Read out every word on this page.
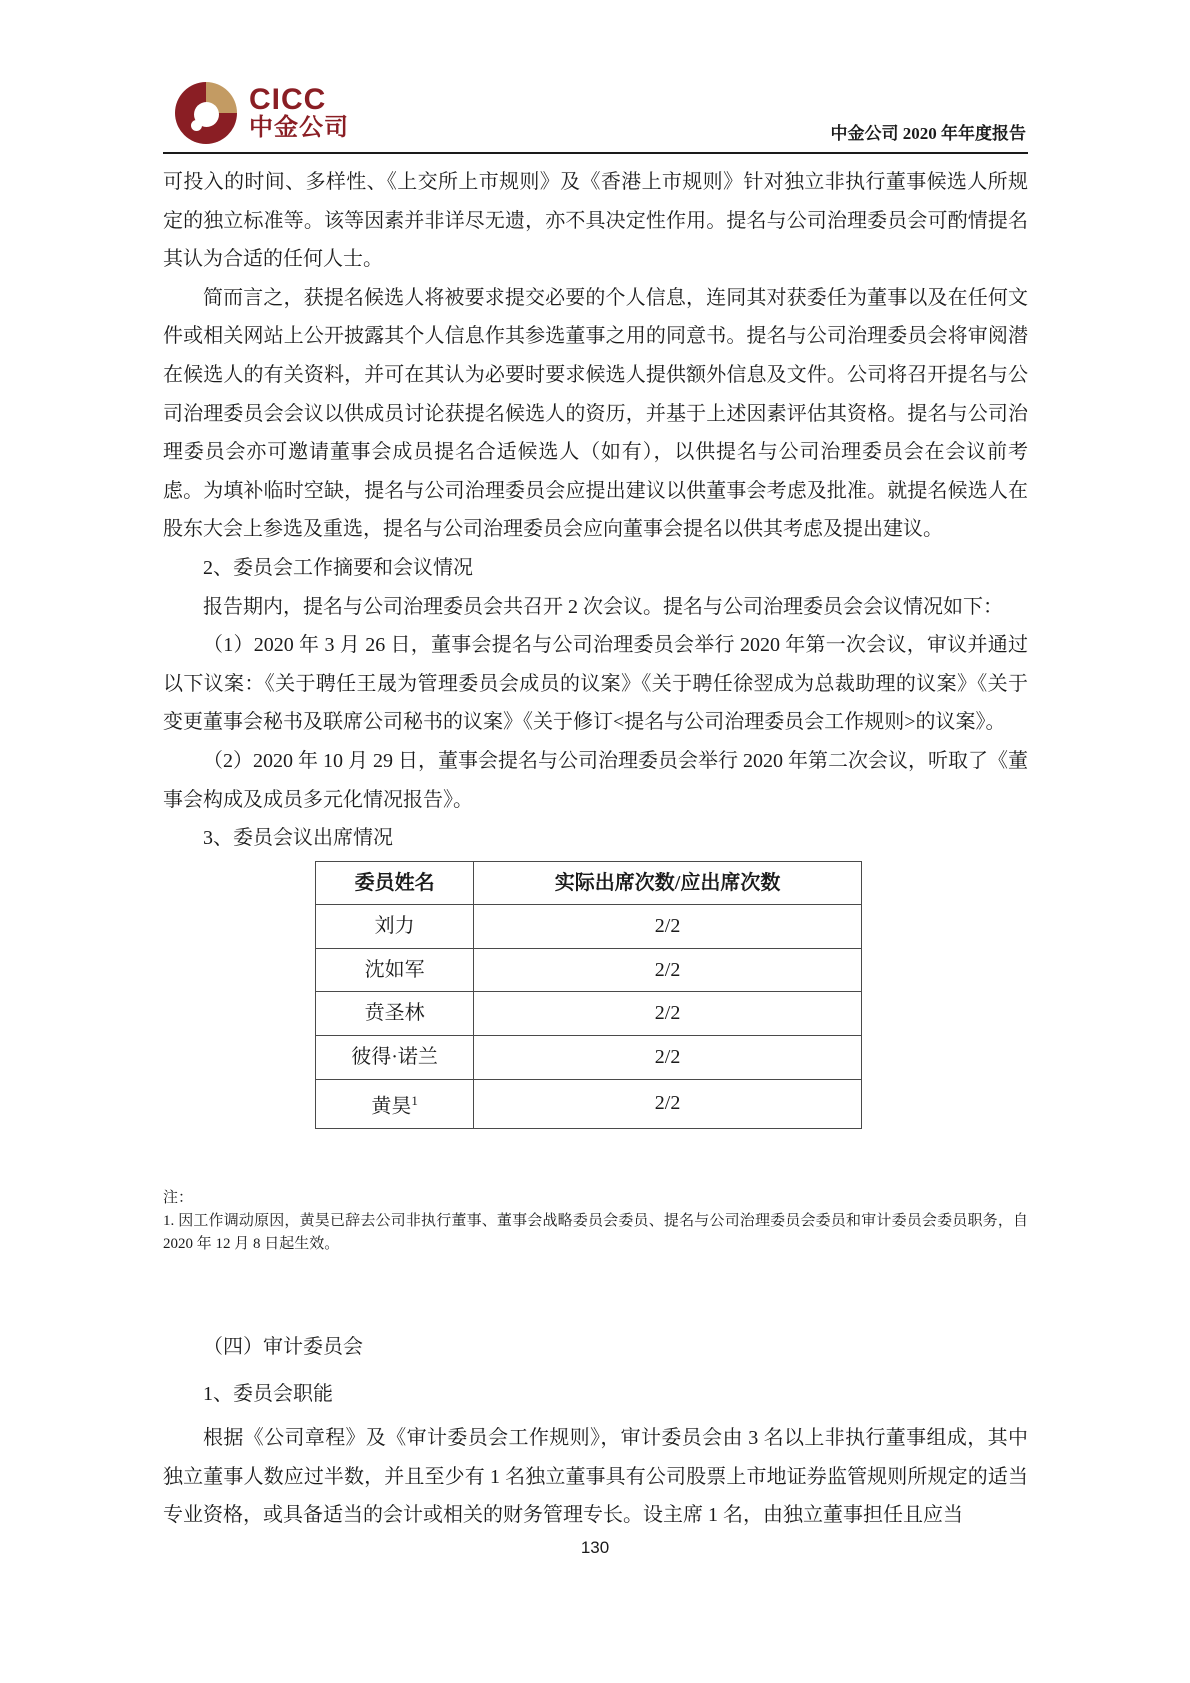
CICC
中金公司	中金公司 2020 年年度报告

可投入的时间、多样性、《上交所上市规则》及《香港上市规则》针对独立非执行董事候选人所规定的独立标准等。该等因素并非详尽无遗，亦不具决定性作用。提名与公司治理委员会可酌情提名其认为合适的任何人士。

简而言之，获提名候选人将被要求提交必要的个人信息，连同其对获委任为董事以及在任何文件或相关网站上公开披露其个人信息作其参选董事之用的同意书。提名与公司治理委员会将审阅潜在候选人的有关资料，并可在其认为必要时要求候选人提供额外信息及文件。公司将召开提名与公司治理委员会会议以供成员讨论获提名候选人的资历，并基于上述因素评估其资格。提名与公司治理委员会亦可邀请董事会成员提名合适候选人（如有），以供提名与公司治理委员会在会议前考虑。为填补临时空缺，提名与公司治理委员会应提出建议以供董事会考虑及批准。就提名候选人在股东大会上参选及重选，提名与公司治理委员会应向董事会提名以供其考虑及提出建议。

2、委员会工作摘要和会议情况

报告期内，提名与公司治理委员会共召开 2 次会议。提名与公司治理委员会会议情况如下：

（1）2020 年 3 月 26 日，董事会提名与公司治理委员会举行 2020 年第一次会议，审议并通过以下议案：《关于聘任王晟为管理委员会成员的议案》《关于聘任徐翌成为总裁助理的议案》《关于变更董事会秘书及联席公司秘书的议案》《关于修订<提名与公司治理委员会工作规则>的议案》。

（2）2020 年 10 月 29 日，董事会提名与公司治理委员会举行 2020 年第二次会议，听取了《董事会构成及成员多元化情况报告》。

3、委员会议出席情况

委员姓名	实际出席次数/应出席次数
刘力	2/2
沈如军	2/2
贲圣林	2/2
彼得·诺兰	2/2
黄昊$^1$	2/2
注：
1. 因工作调动原因，黄昊已辞去公司非执行董事、董事会战略委员会委员、提名与公司治理委员会委员和审计委员会委员职务，自 2020 年 12 月 8 日起生效。

（四）审计委员会

1、委员会职能

根据《公司章程》及《审计委员会工作规则》，审计委员会由 3 名以上非执行董事组成，其中独立董事人数应过半数，并且至少有 1 名独立董事具有公司股票上市地证券监管规则所规定的适当专业资格，或具备适当的会计或相关的财务管理专长。设主席 1 名，由独立董事担任且应当

130
